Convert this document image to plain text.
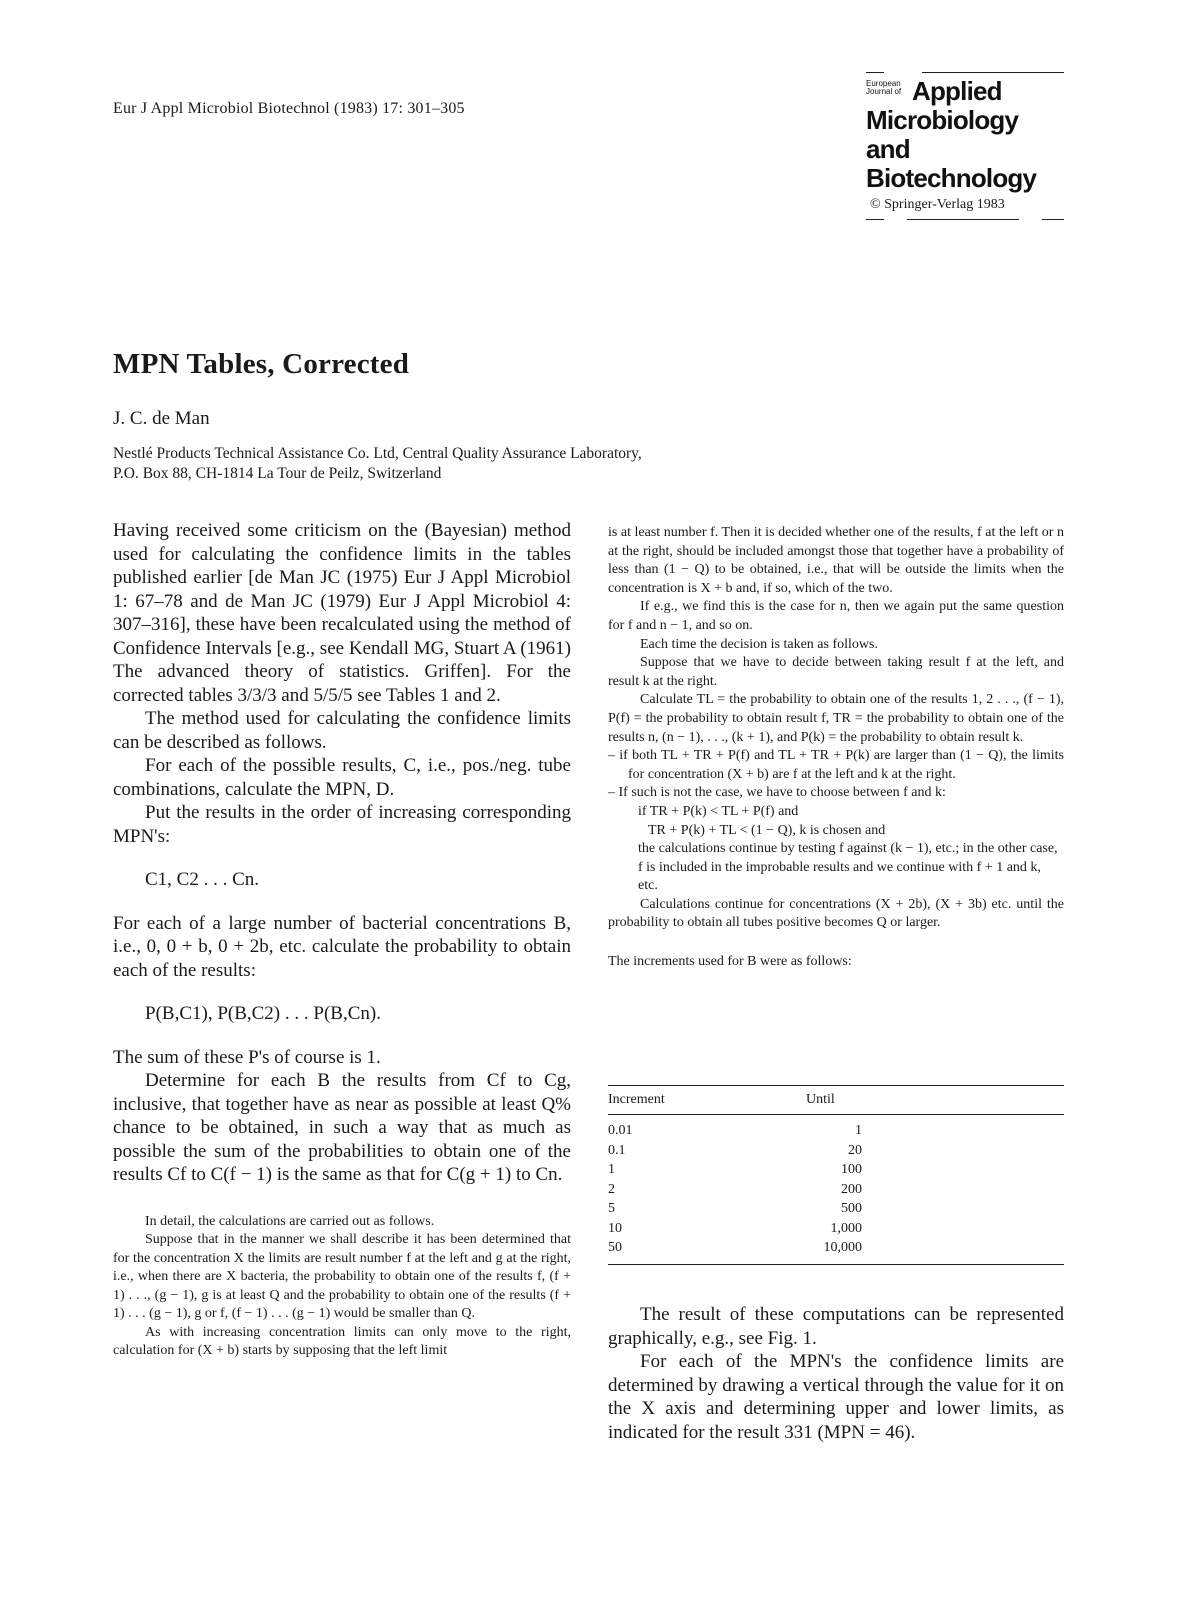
Eur J Appl Microbiol Biotechnol (1983) 17: 301–305
European Journal of Applied
Microbiology and
Biotechnology
© Springer-Verlag 1983
MPN Tables, Corrected
J. C. de Man
Nestlé Products Technical Assistance Co. Ltd, Central Quality Assurance Laboratory,
P.O. Box 88, CH-1814 La Tour de Peilz, Switzerland

Having received some criticism on the (Bayesian) method used for calculating the confidence limits in the tables published earlier [de Man JC (1975) Eur J Appl Microbiol 1: 67–78 and de Man JC (1979) Eur J Appl Microbiol 4: 307–316], these have been recalculated using the method of Confidence Intervals [e.g., see Kendall MG, Stuart A (1961) The advanced theory of statistics. Griffen]. For the corrected tables 3/3/3 and 5/5/5 see Tables 1 and 2.

The method used for calculating the confidence limits can be described as follows.

For each of the possible results, C, i.e., pos./neg. tube combinations, calculate the MPN, D.

Put the results in the order of increasing corresponding MPN's:

C1, C2 . . . Cn.

For each of a large number of bacterial concentrations B, i.e., 0, 0 + b, 0 + 2b, etc. calculate the probability to obtain each of the results:

P(B,C1), P(B,C2) . . . P(B,Cn).

The sum of these P's of course is 1.

Determine for each B the results from Cf to Cg, inclusive, that together have as near as possible at least Q% chance to be obtained, in such a way that as much as possible the sum of the probabilities to obtain one of the results Cf to C(f − 1) is the same as that for C(g + 1) to Cn.

In detail, the calculations are carried out as follows.

Suppose that in the manner we shall describe it has been determined that for the concentration X the limits are result number f at the left and g at the right, i.e., when there are X bacteria, the probability to obtain one of the results f, (f + 1) . . ., (g − 1), g is at least Q and the probability to obtain one of the results (f + 1) . . . (g − 1), g or f, (f − 1) . . . (g − 1) would be smaller than Q.

As with increasing concentration limits can only move to the right, calculation for (X + b) starts by supposing that the left limit

is at least number f. Then it is decided whether one of the results, f at the left or n at the right, should be included amongst those that together have a probability of less than (1 − Q) to be obtained, i.e., that will be outside the limits when the concentration is X + b and, if so, which of the two.

If e.g., we find this is the case for n, then we again put the same question for f and n − 1, and so on.

Each time the decision is taken as follows.

Suppose that we have to decide between taking result f at the left, and result k at the right.

Calculate TL = the probability to obtain one of the results 1, 2 . . ., (f − 1), P(f) = the probability to obtain result f, TR = the probability to obtain one of the results n, (n − 1), . . ., (k + 1), and P(k) = the probability to obtain result k.

– if both TL + TR + P(f) and TL + TR + P(k) are larger than (1 − Q), the limits for concentration (X + b) are f at the left and k at the right.

– If such is not the case, we have to choose between f and k:

if TR + P(k) < TL + P(f) and

TR + P(k) + TL < (1 − Q), k is chosen and

the calculations continue by testing f against (k − 1), etc.; in the other case, f is included in the improbable results and we continue with f + 1 and k, etc.

Calculations continue for concentrations (X + 2b), (X + 3b) etc. until the probability to obtain all tubes positive becomes Q or larger.

The increments used for B were as follows:

Increment	Until
0.01	1
0.1	20
1	100
2	200
5	500
10	1,000
50	10,000

The result of these computations can be represented graphically, e.g., see Fig. 1.

For each of the MPN's the confidence limits are determined by drawing a vertical through the value for it on the X axis and determining upper and lower limits, as indicated for the result 331 (MPN = 46).
